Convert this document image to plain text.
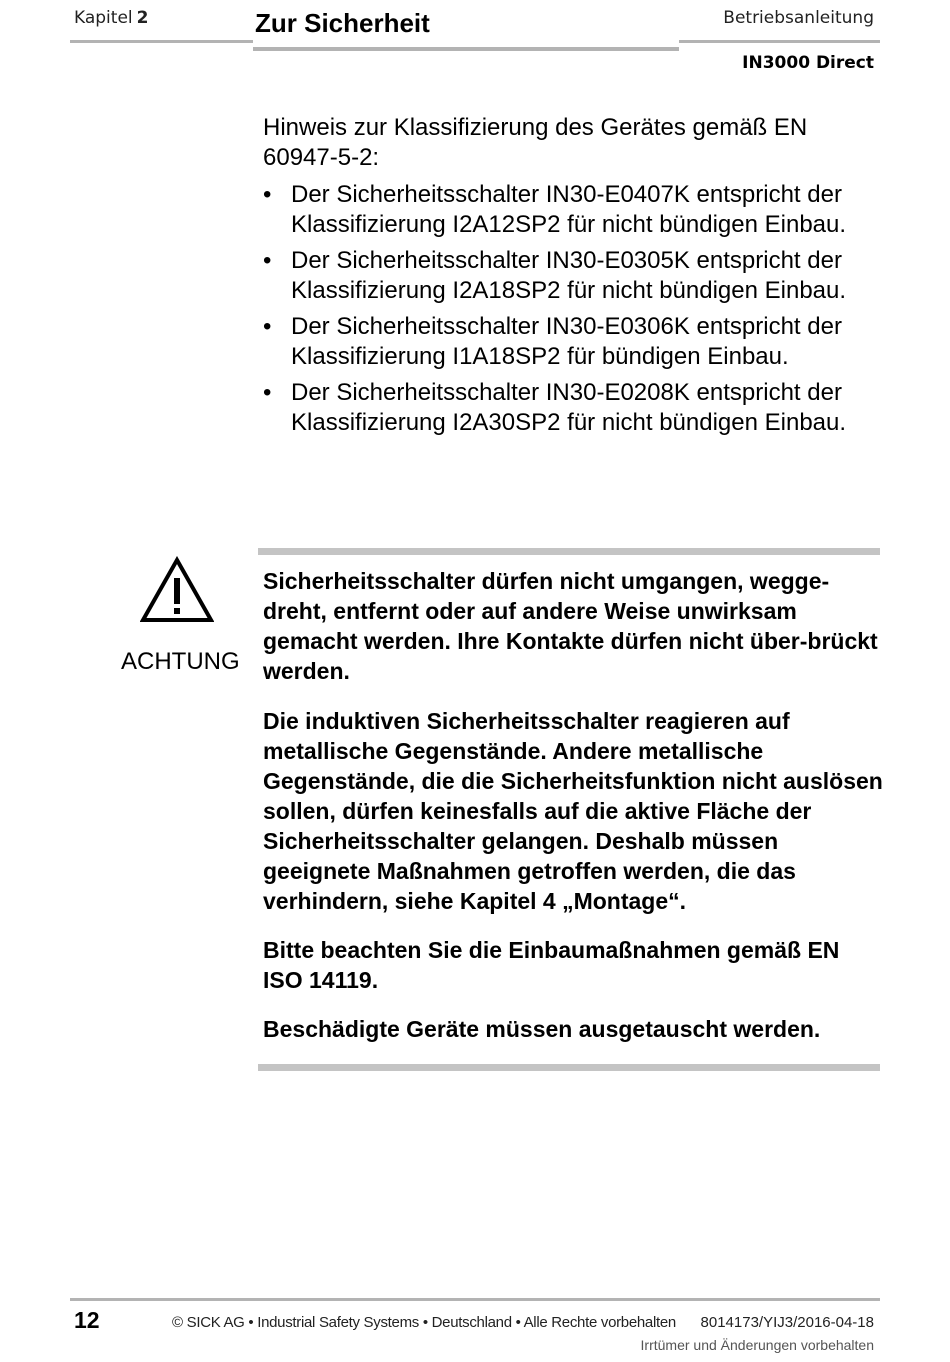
Kapitel 2	Zur Sicherheit	Betriebsanleitung
IN3000 Direct
Hinweis zur Klassifizierung des Gerätes gemäß EN 60947-5-2:
• Der Sicherheitsschalter IN30-E0407K entspricht der Klassifizierung I2A12SP2 für nicht bündigen Einbau.
• Der Sicherheitsschalter IN30-E0305K entspricht der Klassifizierung I2A18SP2 für nicht bündigen Einbau.
• Der Sicherheitsschalter IN30-E0306K entspricht der Klassifizierung I1A18SP2 für bündigen Einbau.
• Der Sicherheitsschalter IN30-E0208K entspricht der Klassifizierung I2A30SP2 für nicht bündigen Einbau.
ACHTUNG

Sicherheitsschalter dürfen nicht umgangen, wegge-dreht, entfernt oder auf andere Weise unwirksam gemacht werden. Ihre Kontakte dürfen nicht über-brückt werden.

Die induktiven Sicherheitsschalter reagieren auf metallische Gegenstände. Andere metallische Gegenstände, die die Sicherheitsfunktion nicht auslösen sollen, dürfen keinesfalls auf die aktive Fläche der Sicherheitsschalter gelangen. Deshalb müssen geeignete Maßnahmen getroffen werden, die das verhindern, siehe Kapitel 4 „Montage“.

Bitte beachten Sie die Einbaumaßnahmen gemäß EN ISO 14119.

Beschädigte Geräte müssen ausgetauscht werden.

12	© SICK AG • Industrial Safety Systems • Deutschland • Alle Rechte vorbehalten 8014173/YIJ3/2016-04-18
Irrtümer und Änderungen vorbehalten
